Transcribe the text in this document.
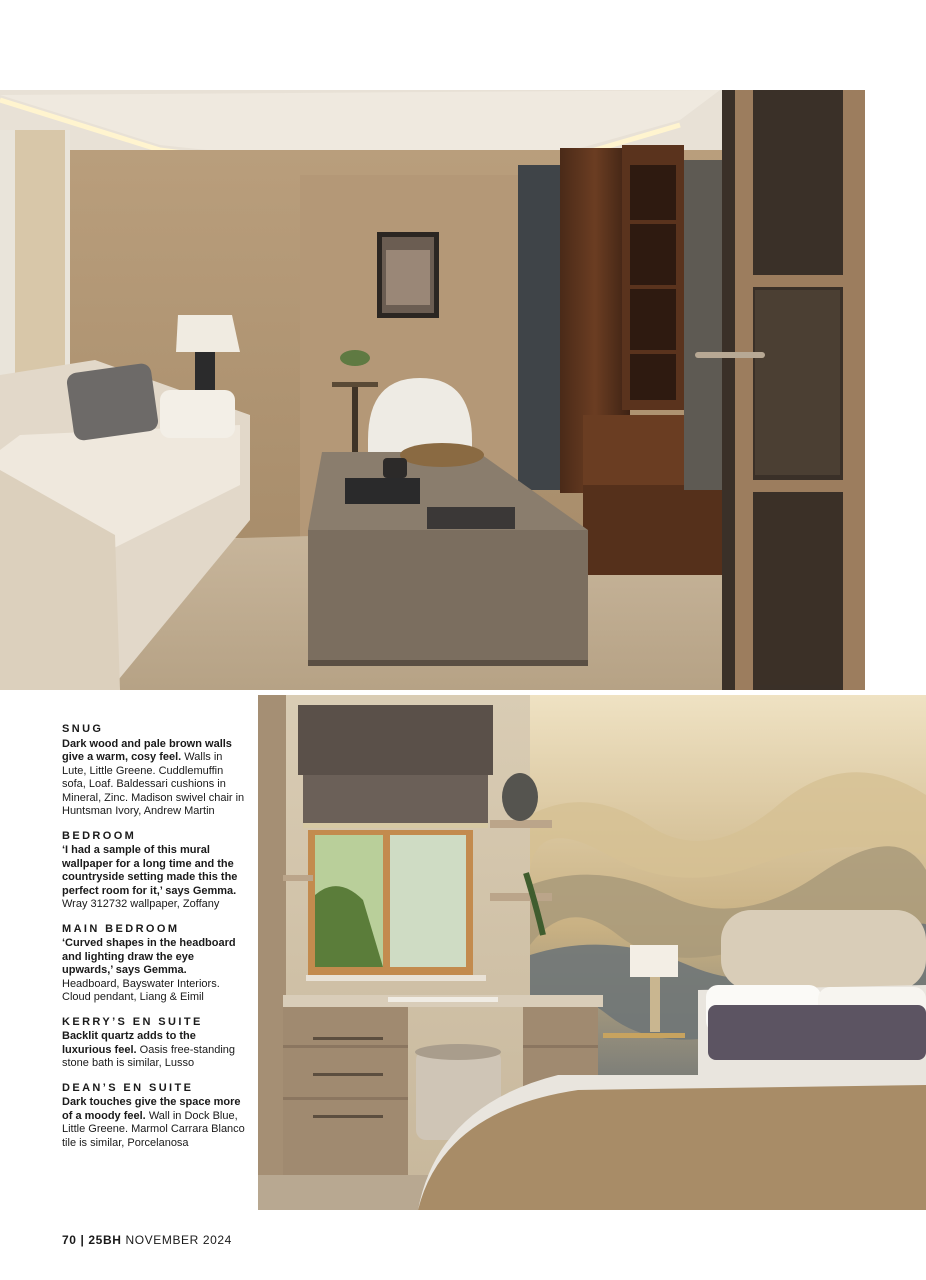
SNUG
Dark wood and pale brown walls give a warm, cosy feel. Walls in Lute, Little Greene. Cuddlemuffin sofa, Loaf. Baldessari cushions in Mineral, Zinc. Madison swivel chair in Huntsman Ivory, Andrew Martin
BEDROOM
‘I had a sample of this mural wallpaper for a long time and the countryside setting made this the perfect room for it,’ says Gemma. Wray 312732 wallpaper, Zoffany
MAIN BEDROOM
‘Curved shapes in the headboard and lighting draw the eye upwards,’ says Gemma. Headboard, Bayswater Interiors. Cloud pendant, Liang & Eimil
KERRY’S EN SUITE
Backlit quartz adds to the luxurious feel. Oasis free-standing stone bath is similar, Lusso
DEAN’S EN SUITE
Dark touches give the space more of a moody feel. Wall in Dock Blue, Little Greene. Marmol Carrara Blanco tile is similar, Porcelanosa
70 | 25BH NOVEMBER 2024
